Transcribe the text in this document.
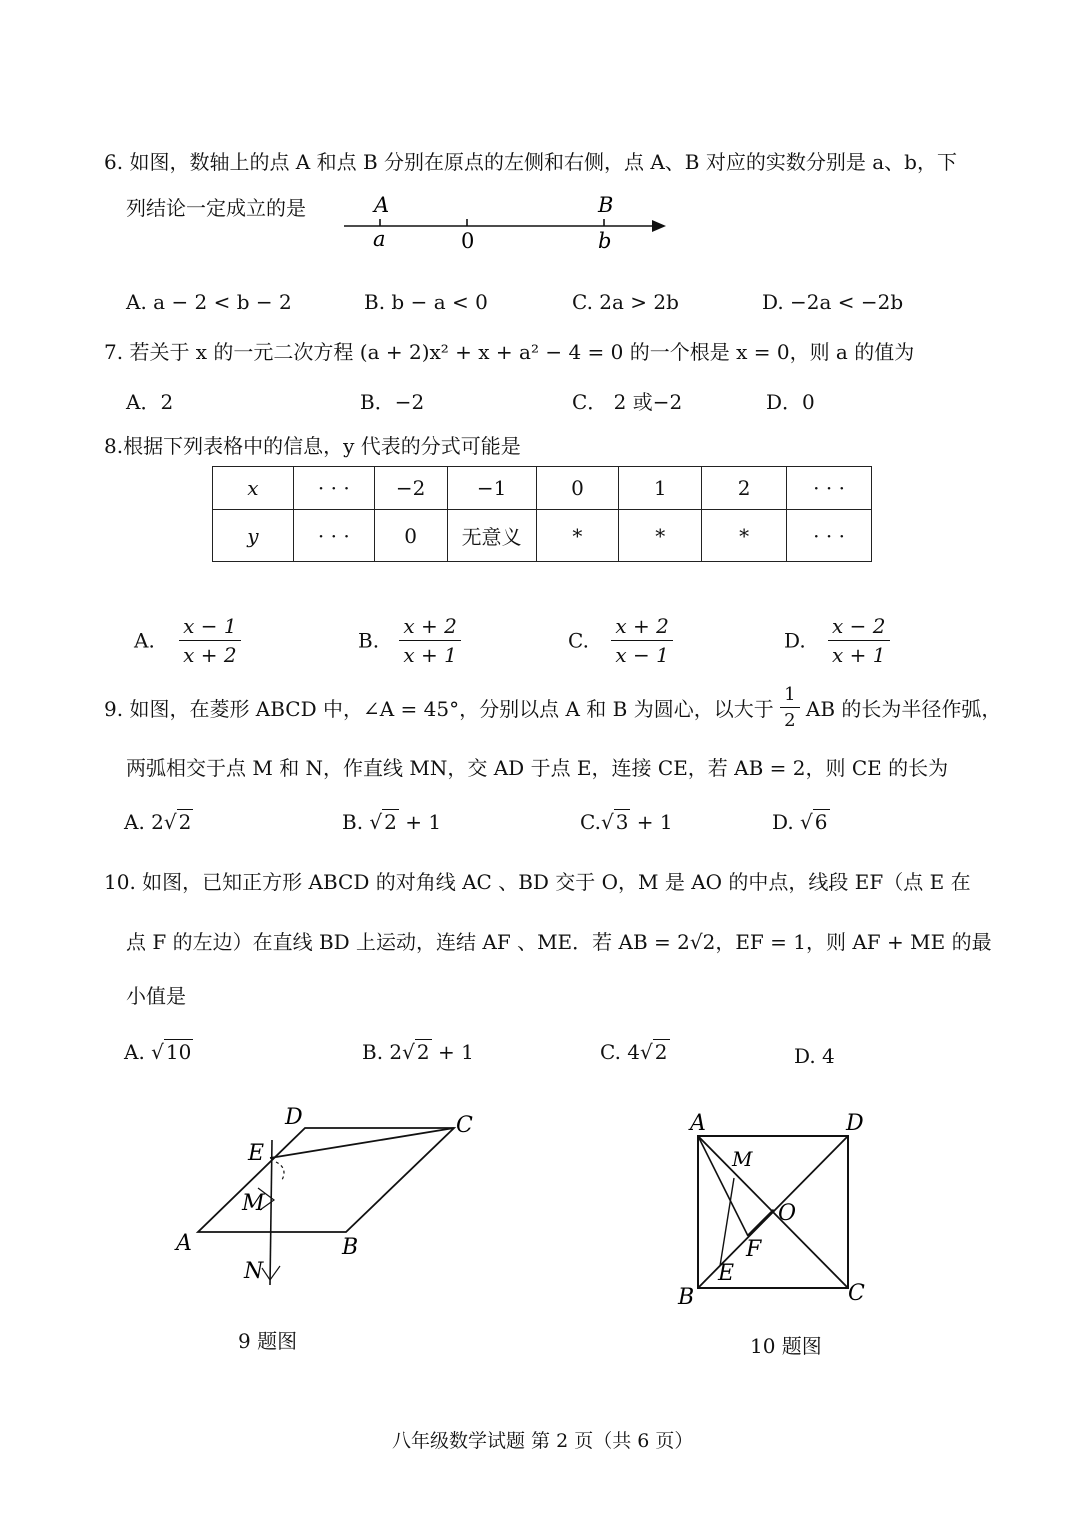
6. 如图，数轴上的点 A 和点 B 分别在原点的左侧和右侧，点 A、B 对应的实数分别是 a、b，下
列结论一定成立的是	A	B
a	0	b
A. a − 2 < b − 2	B. b − a < 0	C. 2a > 2b	D. −2a < −2b
7. 若关于 x 的一元二次方程 (a + 2)x² + x + a² − 4 = 0 的一个根是 x = 0，则 a 的值为
A．2	B．−2	C． 2 或−2	D．0
8.根据下列表格中的信息，y 代表的分式可能是
x	· · ·	−2	−1	0	1	2	· · ·
y	· · ·	0	无意义	*	*	*	· · ·
A. $\frac{x - 1}{x + 2}$	B. $\frac{x + 2}{x + 1}$	C. $\frac{x + 2}{x - 1}$	D. $\frac{x - 2}{x + 1}$
9. 如图，在菱形 ABCD 中，∠A = 45°，分别以点 A 和 B 为圆心，以大于 $\frac{1}{2}$ AB 的长为半径作弧，
两弧相交于点 M 和 N，作直线 MN，交 AD 于点 E，连接 CE，若 AB = 2，则 CE 的长为
A. 2√ 2	B. √ 2 + 1	C.√ 3 + 1	D. √ 6
10. 如图，已知正方形 ABCD 的对角线 AC 、BD 交于 O，M 是 AO 的中点，线段 EF（点 E 在
点 F 的左边）在直线 BD 上运动，连结 AF 、ME．若 AB = 2√2，EF = 1，则 AF + ME 的最
小值是
A. √ 10	B. 2√ 2 + 1	C. 4√ 2	D. 4
D	C
E
M
A	B
N
9 题图
A	D
M
O
F
E
B	C
10 题图
八年级数学试题 第 2 页（共 6 页）
